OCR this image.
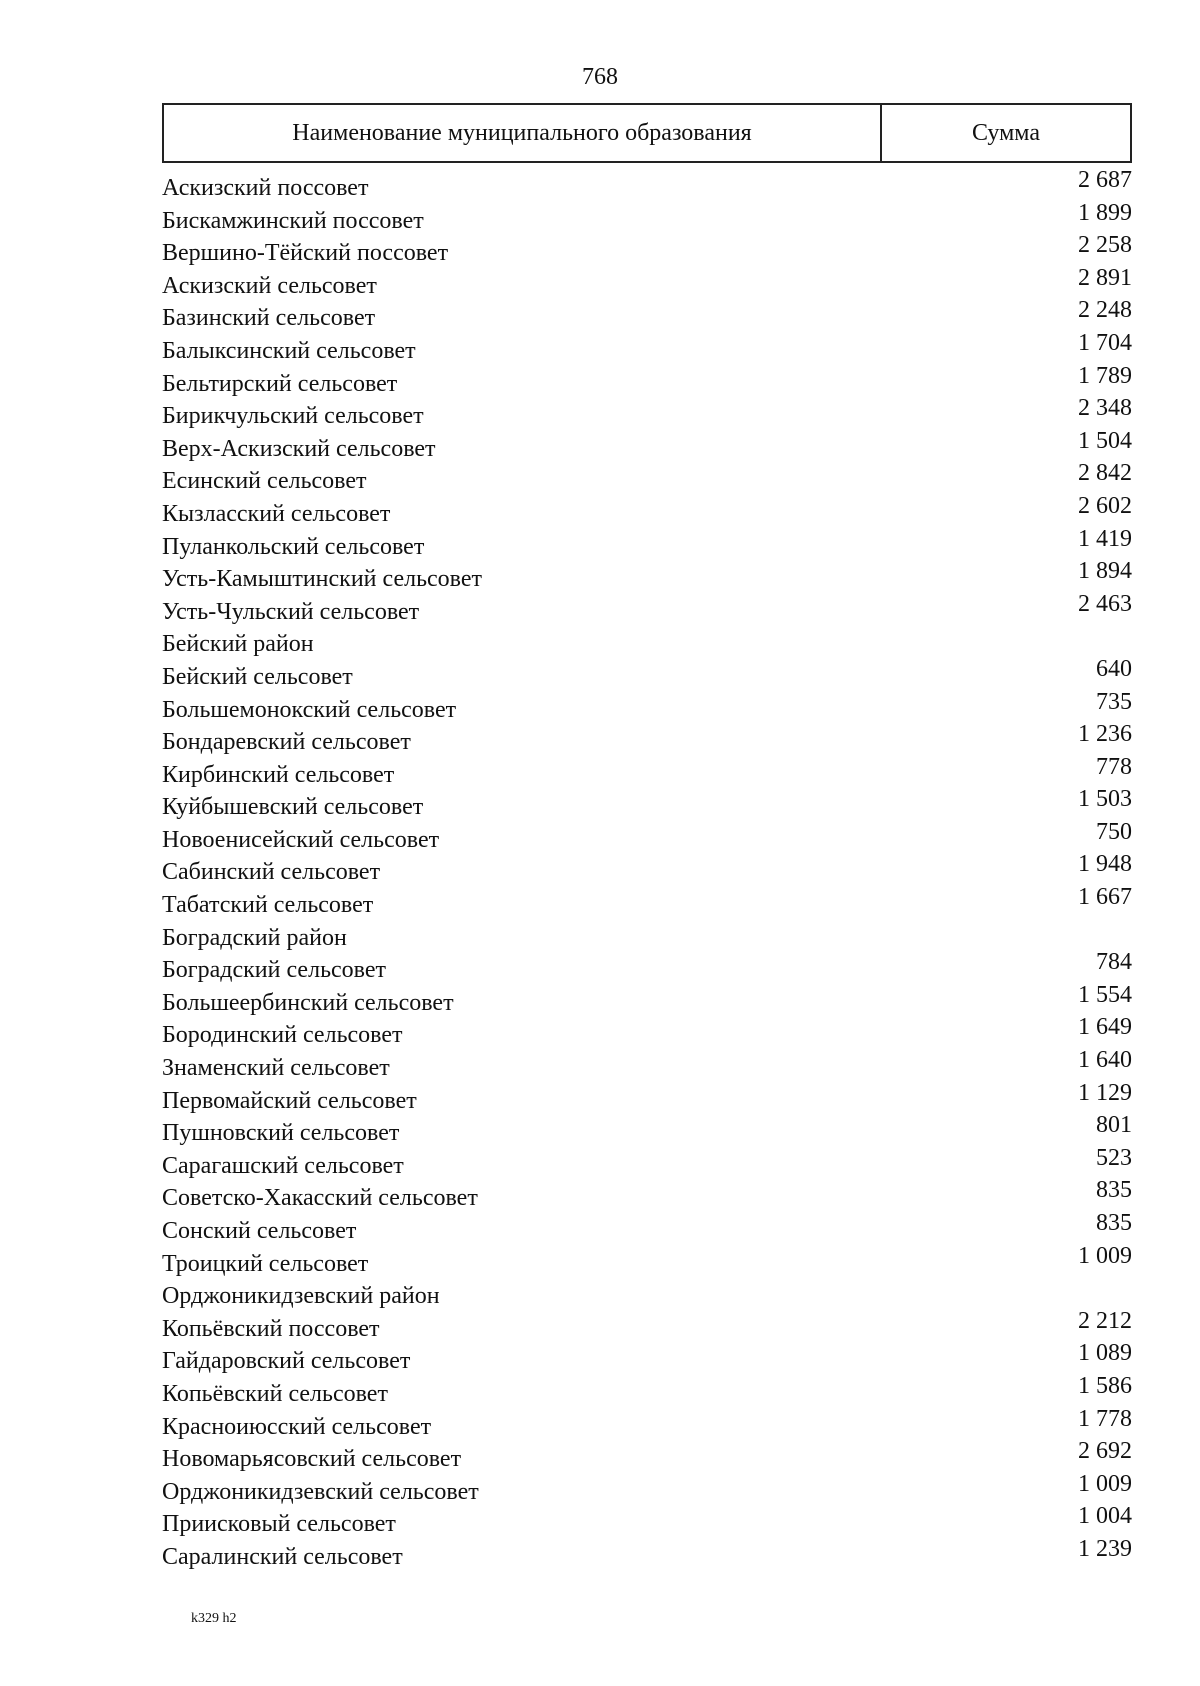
768
Наименование муниципального образования	Сумма
Аскизский поссовет	2 687
Бискамжинский поссовет	1 899
Вершино-Тёйский поссовет	2 258
Аскизский сельсовет	2 891
Базинский сельсовет	2 248
Балыксинский сельсовет	1 704
Бельтирский сельсовет	1 789
Бирикчульский сельсовет	2 348
Верх-Аскизский сельсовет	1 504
Есинский сельсовет	2 842
Кызласский сельсовет	2 602
Пуланкольский сельсовет	1 419
Усть-Камыштинский сельсовет	1 894
Усть-Чульский сельсовет	2 463
Бейский район
Бейский сельсовет	640
Большемонокский сельсовет	735
Бондаревский сельсовет	1 236
Кирбинский сельсовет	778
Куйбышевский сельсовет	1 503
Новоенисейский сельсовет	750
Сабинский сельсовет	1 948
Табатский сельсовет	1 667
Боградский район
Боградский сельсовет	784
Большеербинский сельсовет	1 554
Бородинский сельсовет	1 649
Знаменский сельсовет	1 640
Первомайский сельсовет	1 129
Пушновский сельсовет	801
Сарагашский сельсовет	523
Советско-Хакасский сельсовет	835
Сонский сельсовет	835
Троицкий сельсовет	1 009
Орджоникидзевский район
Копьёвский поссовет	2 212
Гайдаровский сельсовет	1 089
Копьёвский сельсовет	1 586
Красноиюсский сельсовет	1 778
Новомарьясовский сельсовет	2 692
Орджоникидзевский сельсовет	1 009
Приисковый сельсовет	1 004
Саралинский сельсовет	1 239
k329 h2
